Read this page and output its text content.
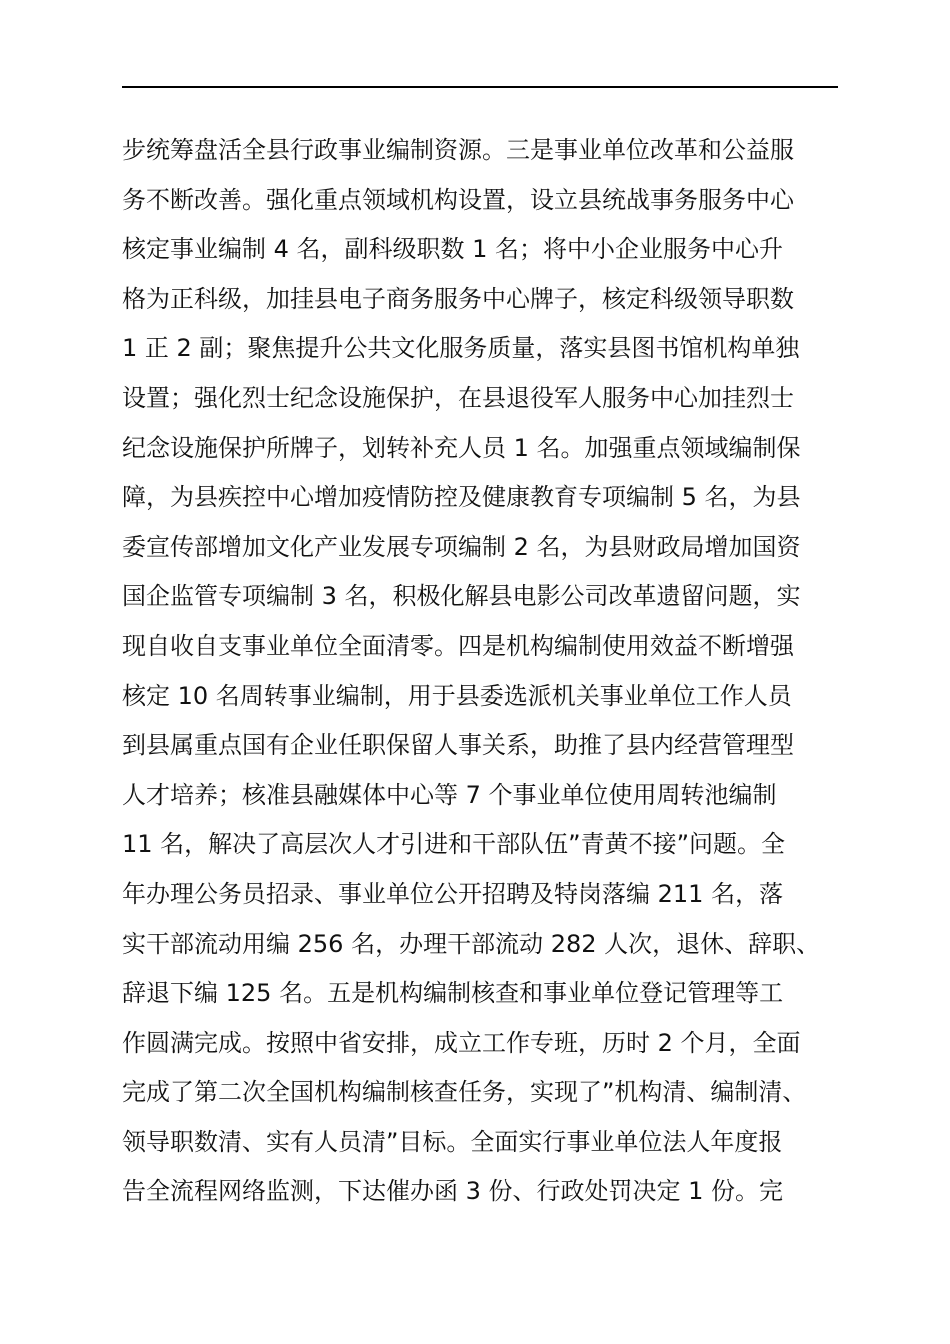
步统筹盘活全县行政事业编制资源。三是事业单位改革和公益服
务不断改善。强化重点领域机构设置，设立县统战事务服务中心
核定事业编制 4 名，副科级职数 1 名；将中小企业服务中心升
格为正科级，加挂县电子商务服务中心牌子，核定科级领导职数
1 正 2 副；聚焦提升公共文化服务质量，落实县图书馆机构单独
设置；强化烈士纪念设施保护，在县退役军人服务中心加挂烈士
纪念设施保护所牌子，划转补充人员 1 名。加强重点领域编制保
障，为县疾控中心增加疫情防控及健康教育专项编制 5 名，为县
委宣传部增加文化产业发展专项编制 2 名，为县财政局增加国资
国企监管专项编制 3 名，积极化解县电影公司改革遗留问题，实
现自收自支事业单位全面清零。四是机构编制使用效益不断增强
核定 10 名周转事业编制，用于县委选派机关事业单位工作人员
到县属重点国有企业任职保留人事关系，助推了县内经营管理型
人才培养；核准县融媒体中心等 7 个事业单位使用周转池编制
11 名，解决了高层次人才引进和干部队伍”青黄不接”问题。全
年办理公务员招录、事业单位公开招聘及特岗落编 211 名，落
实干部流动用编 256 名，办理干部流动 282 人次，退休、辞职、
辞退下编 125 名。五是机构编制核查和事业单位登记管理等工
作圆满完成。按照中省安排，成立工作专班，历时 2 个月，全面
完成了第二次全国机构编制核查任务，实现了”机构清、编制清、
领导职数清、实有人员清”目标。全面实行事业单位法人年度报
告全流程网络监测，下达催办函 3 份、行政处罚决定 1 份。完
